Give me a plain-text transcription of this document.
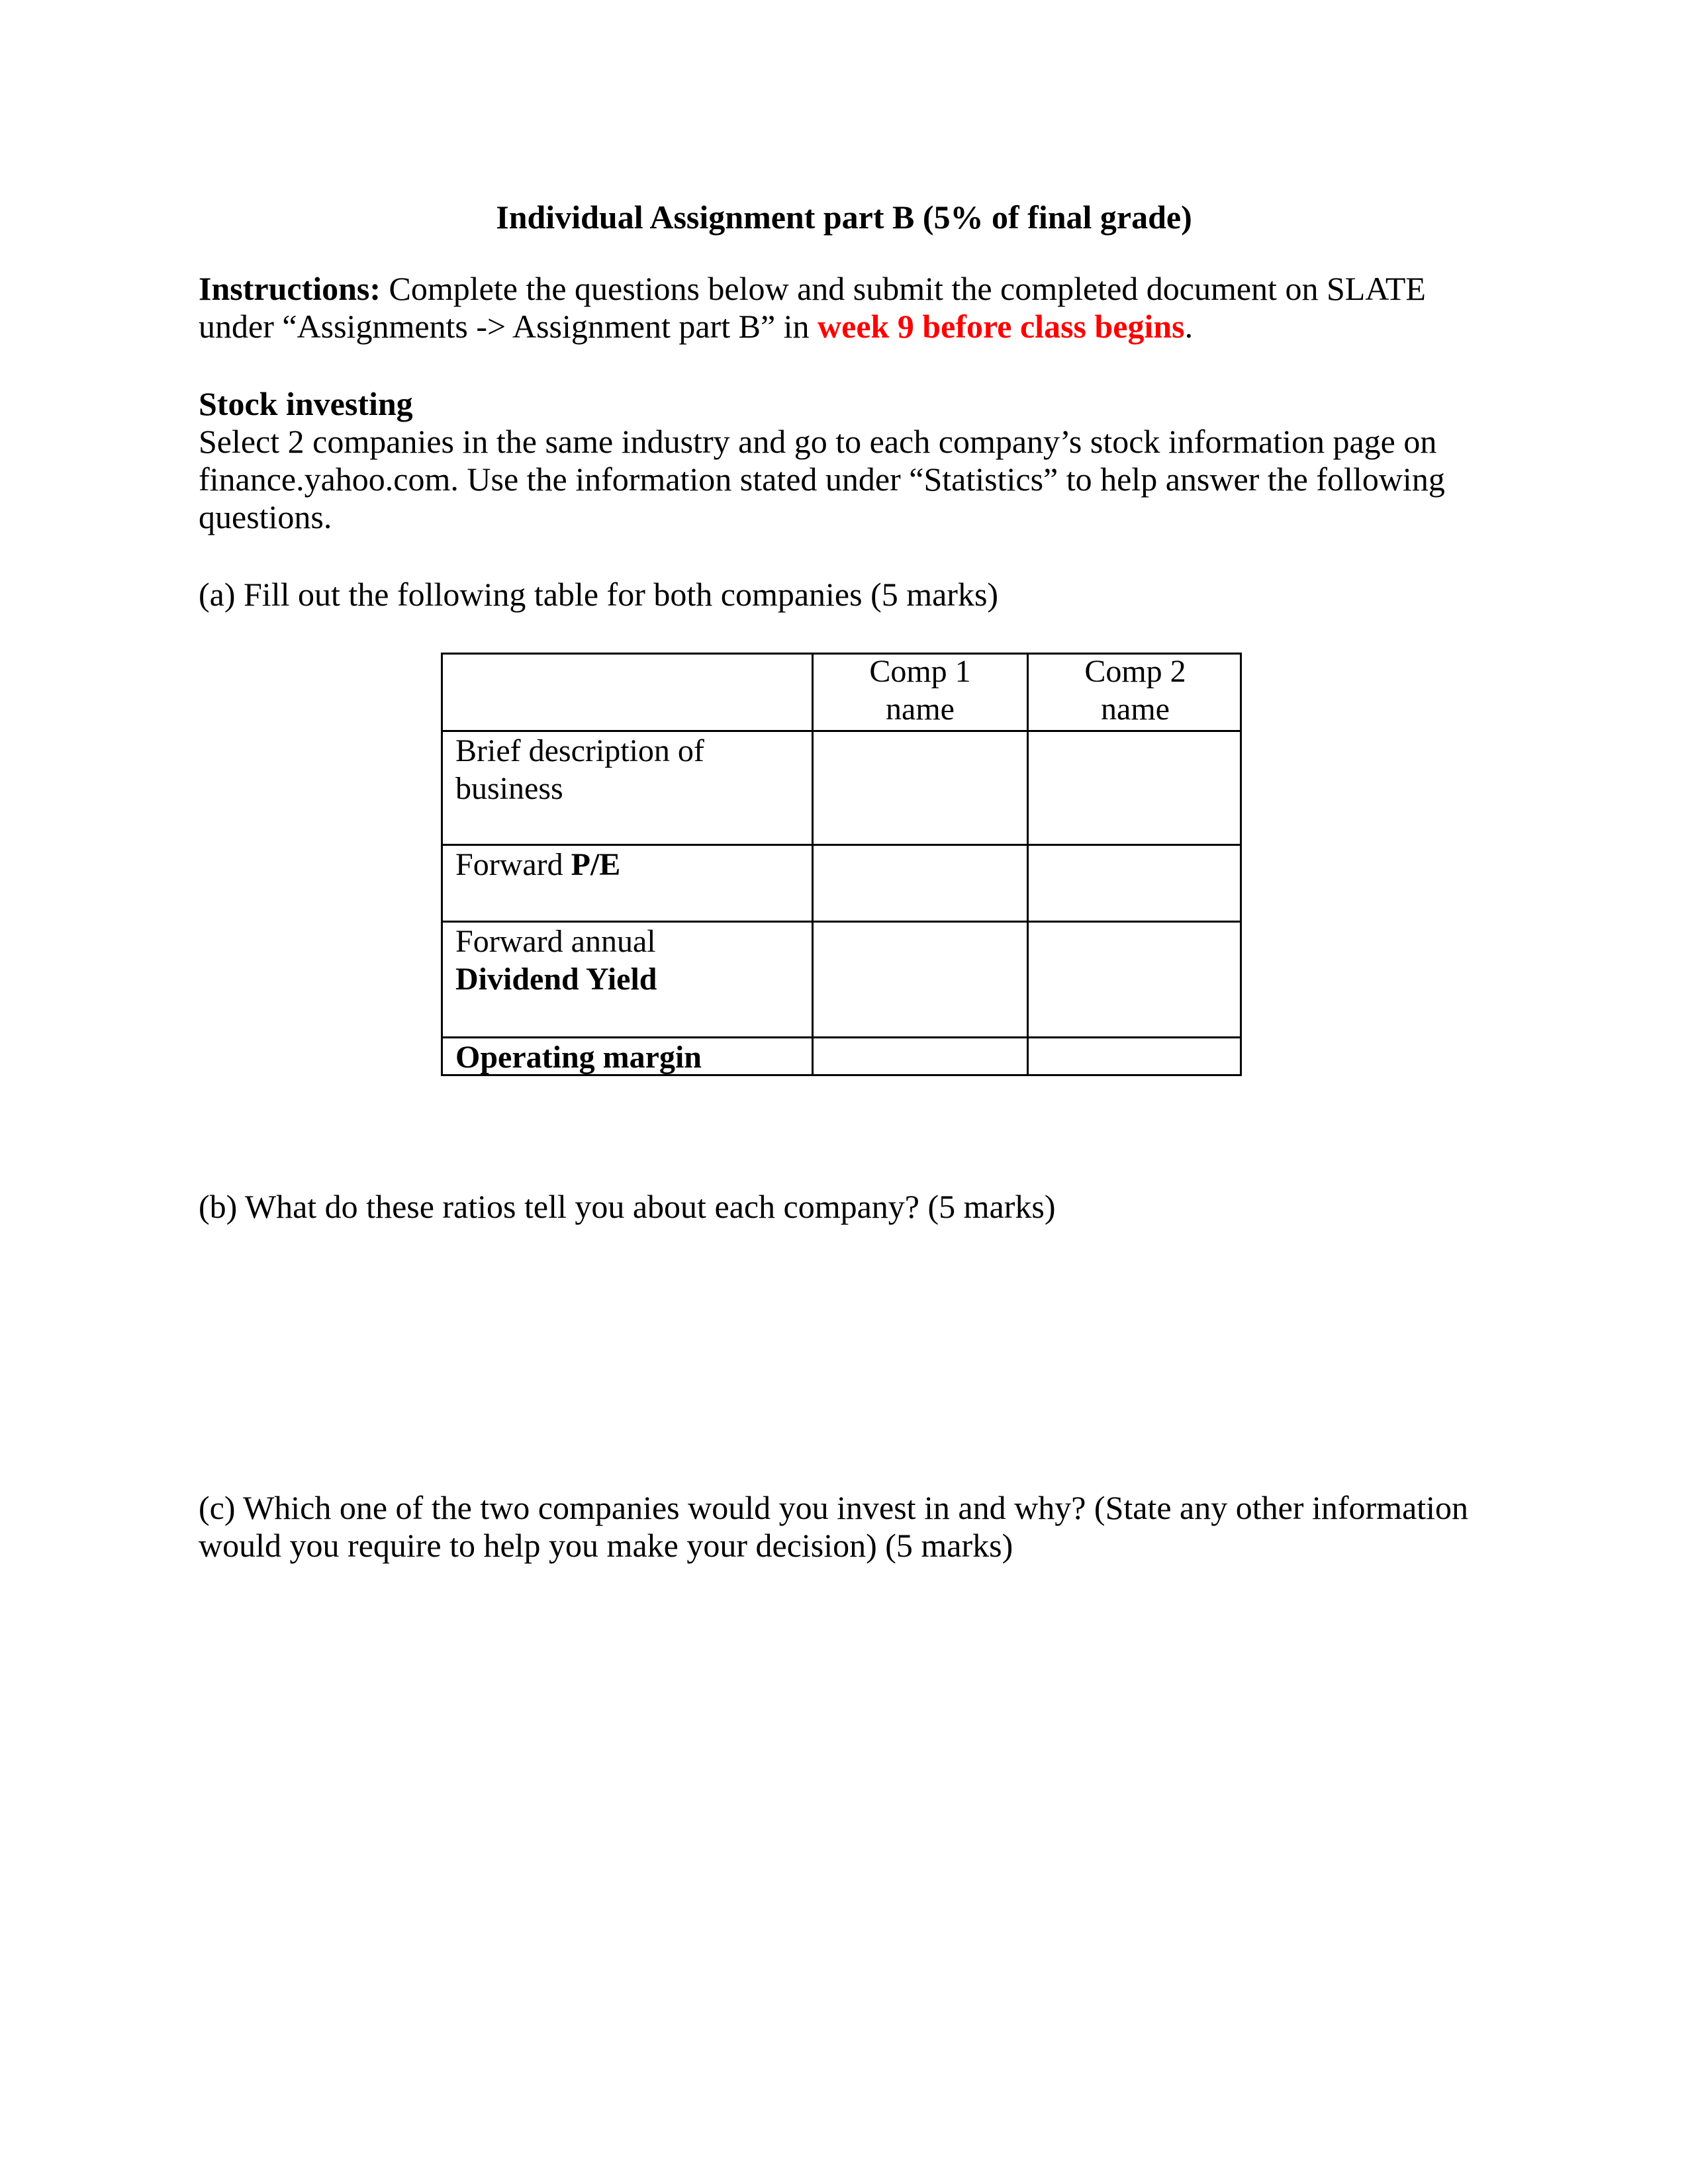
Individual Assignment part B (5% of final grade)
Instructions: Complete the questions below and submit the completed document on SLATE
under “Assignments -> Assignment part B” in week 9 before class begins.
Stock investing
Select 2 companies in the same industry and go to each company’s stock information page on
finance.yahoo.com. Use the information stated under “Statistics” to help answer the following
questions.
(a) Fill out the following table for both companies (5 marks)
Comp 1
name
Comp 2
name
Brief description of
business
Forward P/E
Forward annual
Dividend Yield
Operating margin
(b) What do these ratios tell you about each company? (5 marks)
(c) Which one of the two companies would you invest in and why? (State any other information
would you require to help you make your decision) (5 marks)
